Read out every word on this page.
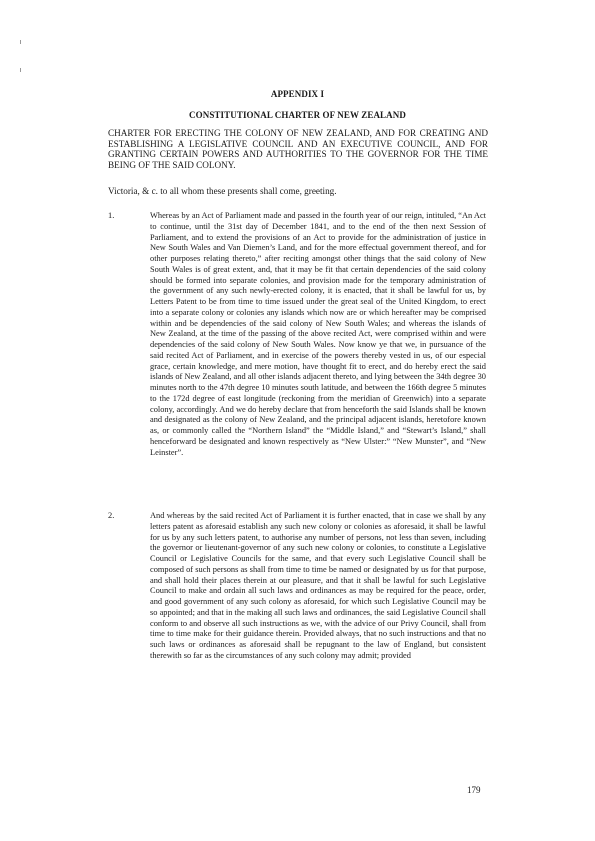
APPENDIX I
CONSTITUTIONAL CHARTER OF NEW ZEALAND
CHARTER FOR ERECTING THE COLONY OF NEW ZEALAND, AND FOR CREATING AND ESTABLISHING A LEGISLATIVE COUNCIL AND AN EXECUTIVE COUNCIL, AND FOR GRANTING CERTAIN POWERS AND AUTHORITIES TO THE GOVERNOR FOR THE TIME BEING OF THE SAID COLONY.
Victoria, & c. to all whom these presents shall come, greeting.
1.	Whereas by an Act of Parliament made and passed in the fourth year of our reign, intituled, “An Act to continue, until the 31st day of December 1841, and to the end of the then next Session of Parliament, and to extend the provisions of an Act to provide for the administration of justice in New South Wales and Van Diemen’s Land, and for the more effectual government thereof, and for other purposes relating thereto,” after reciting amongst other things that the said colony of New South Wales is of great extent, and, that it may be fit that certain dependencies of the said colony should be formed into separate colonies, and provision made for the temporary administration of the government of any such newly-erected colony, it is enacted, that it shall be lawful for us, by Letters Patent to be from time to time issued under the great seal of the United Kingdom, to erect into a separate colony or colonies any islands which now are or which hereafter may be comprised within and be dependencies of the said colony of New South Wales; and whereas the islands of New Zealand, at the time of the passing of the above recited Act, were comprised within and were dependencies of the said colony of New South Wales. Now know ye that we, in pursuance of the said recited Act of Parliament, and in exercise of the powers thereby vested in us, of our especial grace, certain knowledge, and mere motion, have thought fit to erect, and do hereby erect the said islands of New Zealand, and all other islands adjacent thereto, and lying between the 34th degree 30 minutes north to the 47th degree 10 minutes south latitude, and between the 166th degree 5 minutes to the 172d degree of east longitude (reckoning from the meridian of Greenwich) into a separate colony, accordingly. And we do hereby declare that from henceforth the said Islands shall be known and designated as the colony of New Zealand, and the principal adjacent islands, heretofore known as, or commonly called the “Northern Island” the “Middle Island,” and “Stewart’s Island,” shall henceforward be designated and known respectively as “New Ulster:” “New Munster”, and “New Leinster”.
2.	And whereas by the said recited Act of Parliament it is further enacted, that in case we shall by any letters patent as aforesaid establish any such new colony or colonies as aforesaid, it shall be lawful for us by any such letters patent, to authorise any number of persons, not less than seven, including the governor or lieutenant-governor of any such new colony or colonies, to constitute a Legislative Council or Legislative Councils for the same, and that every such Legislative Council shall be composed of such persons as shall from time to time be named or designated by us for that purpose, and shall hold their places therein at our pleasure, and that it shall be lawful for such Legislative Council to make and ordain all such laws and ordinances as may be required for the peace, order, and good government of any such colony as aforesaid, for which such Legislative Council may be so appointed; and that in the making all such laws and ordinances, the said Legislative Council shall conform to and observe all such instructions as we, with the advice of our Privy Council, shall from time to time make for their guidance therein. Provided always, that no such instructions and that no such laws or ordinances as aforesaid shall be repugnant to the law of England, but consistent therewith so far as the circumstances of any such colony may admit; provided
179
